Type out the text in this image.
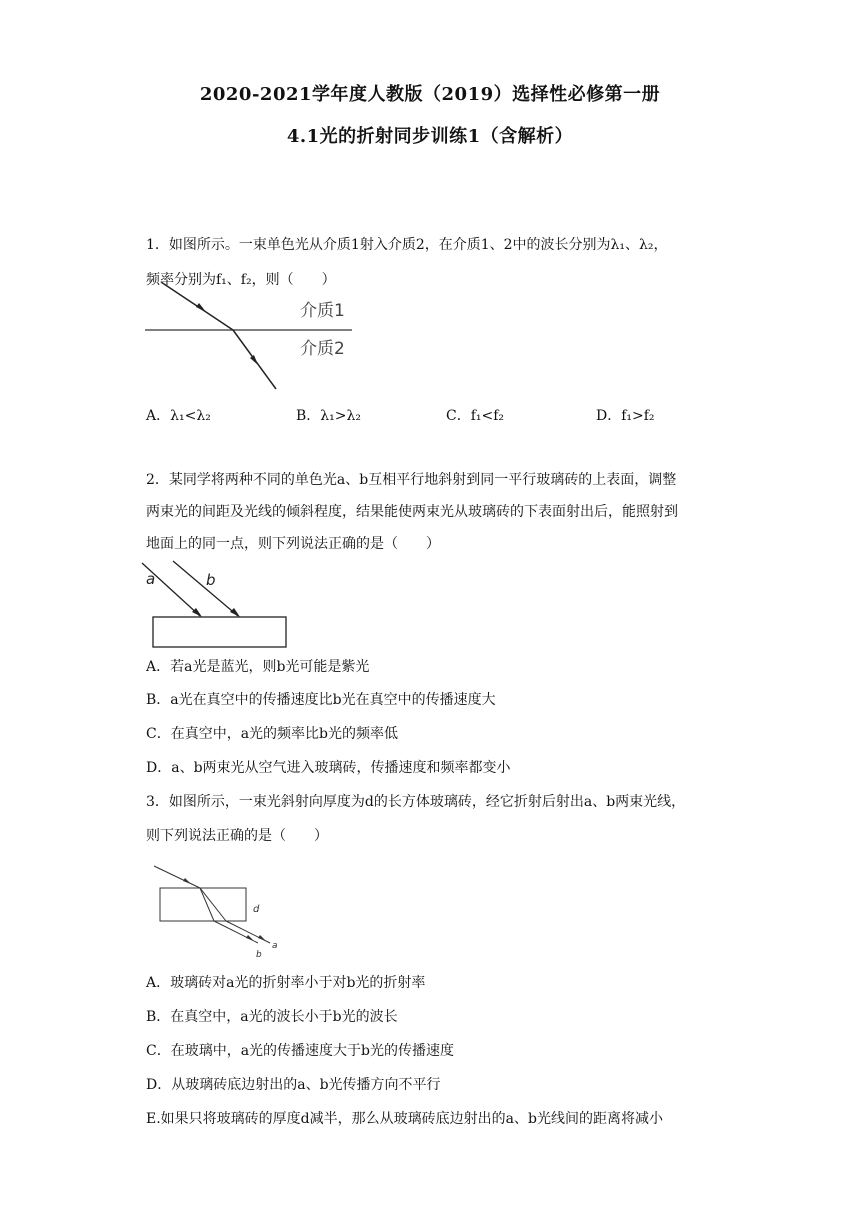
2020-2021学年度人教版（2019）选择性必修第一册
4.1光的折射同步训练1（含解析）
1．如图所示。一束单色光从介质1射入介质2，在介质1、2中的波长分别为λ₁、λ₂，
频率分别为f₁、f₂，则（　　）
介质1
介质2
A．λ₁<λ₂	B．λ₁>λ₂	C．f₁<f₂	D．f₁>f₂
2．某同学将两种不同的单色光a、b互相平行地斜射到同一平行玻璃砖的上表面，调整
两束光的间距及光线的倾斜程度，结果能使两束光从玻璃砖的下表面射出后，能照射到
地面上的同一点，则下列说法正确的是（　　）
a	b
A．若a光是蓝光，则b光可能是紫光
B．a光在真空中的传播速度比b光在真空中的传播速度大
C．在真空中，a光的频率比b光的频率低
D．a、b两束光从空气进入玻璃砖，传播速度和频率都变小
3．如图所示，一束光斜射向厚度为d的长方体玻璃砖，经它折射后射出a、b两束光线，
则下列说法正确的是（　　）
d
a
b
A．玻璃砖对a光的折射率小于对b光的折射率
B．在真空中，a光的波长小于b光的波长
C．在玻璃中，a光的传播速度大于b光的传播速度
D．从玻璃砖底边射出的a、b光传播方向不平行
E.如果只将玻璃砖的厚度d减半，那么从玻璃砖底边射出的a、b光线间的距离将减小
